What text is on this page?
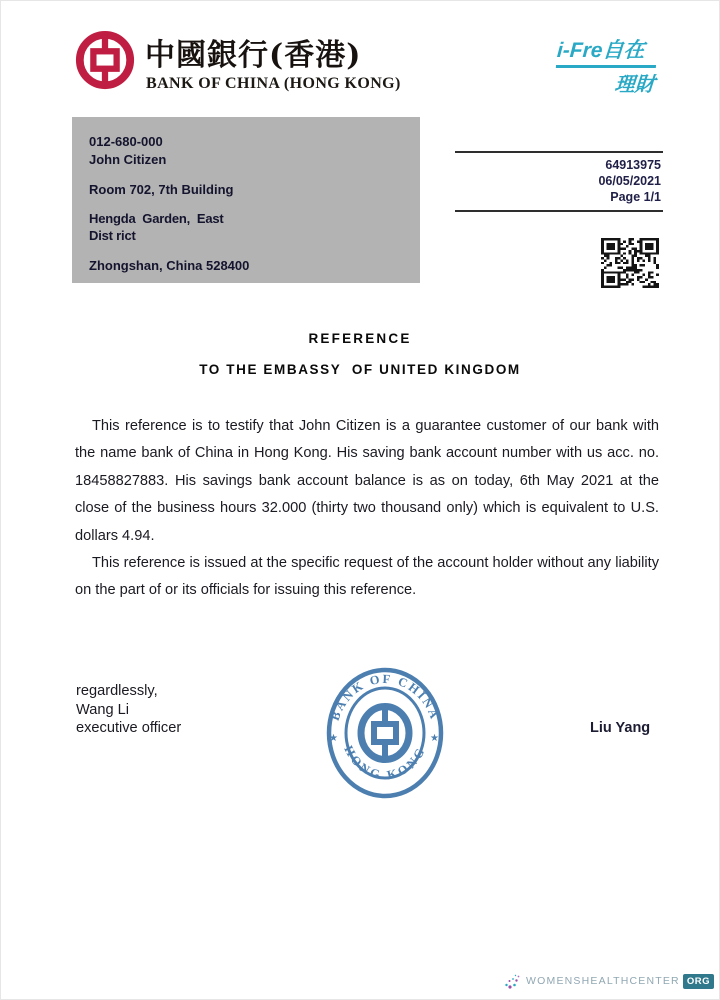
中國銀行(香港)
BANK OF CHINA (HONG KONG)
i-Fre自在
理財
012-680-000
John Citizen
Room 702, 7th Building
Hengda  Garden,  East
Dist rict
Zhongshan, China 528400
64913975
06/05/2021
Page 1/1
REFERENCE
TO THE EMBASSY  OF UNITED KINGDOM

This reference is to testify that John Citizen is a guarantee customer of our bank with the name bank of China in Hong Kong. His saving bank account number with us acc. no. 18458827883. His savings bank account balance is as on today, 6th May 2021 at the close of the business hours 32.000 (thirty two thousand only) which is equivalent to U.S. dollars 4.94.

This reference is issued at the specific request of the account holder without any liability on the part of or its officials for issuing this reference.

regardlessly,
Wang Li
executive officer
BANK OF CHINA
HONG KONG
★	★
Liu Yang
WOMENSHEALTHCENTER ORG
